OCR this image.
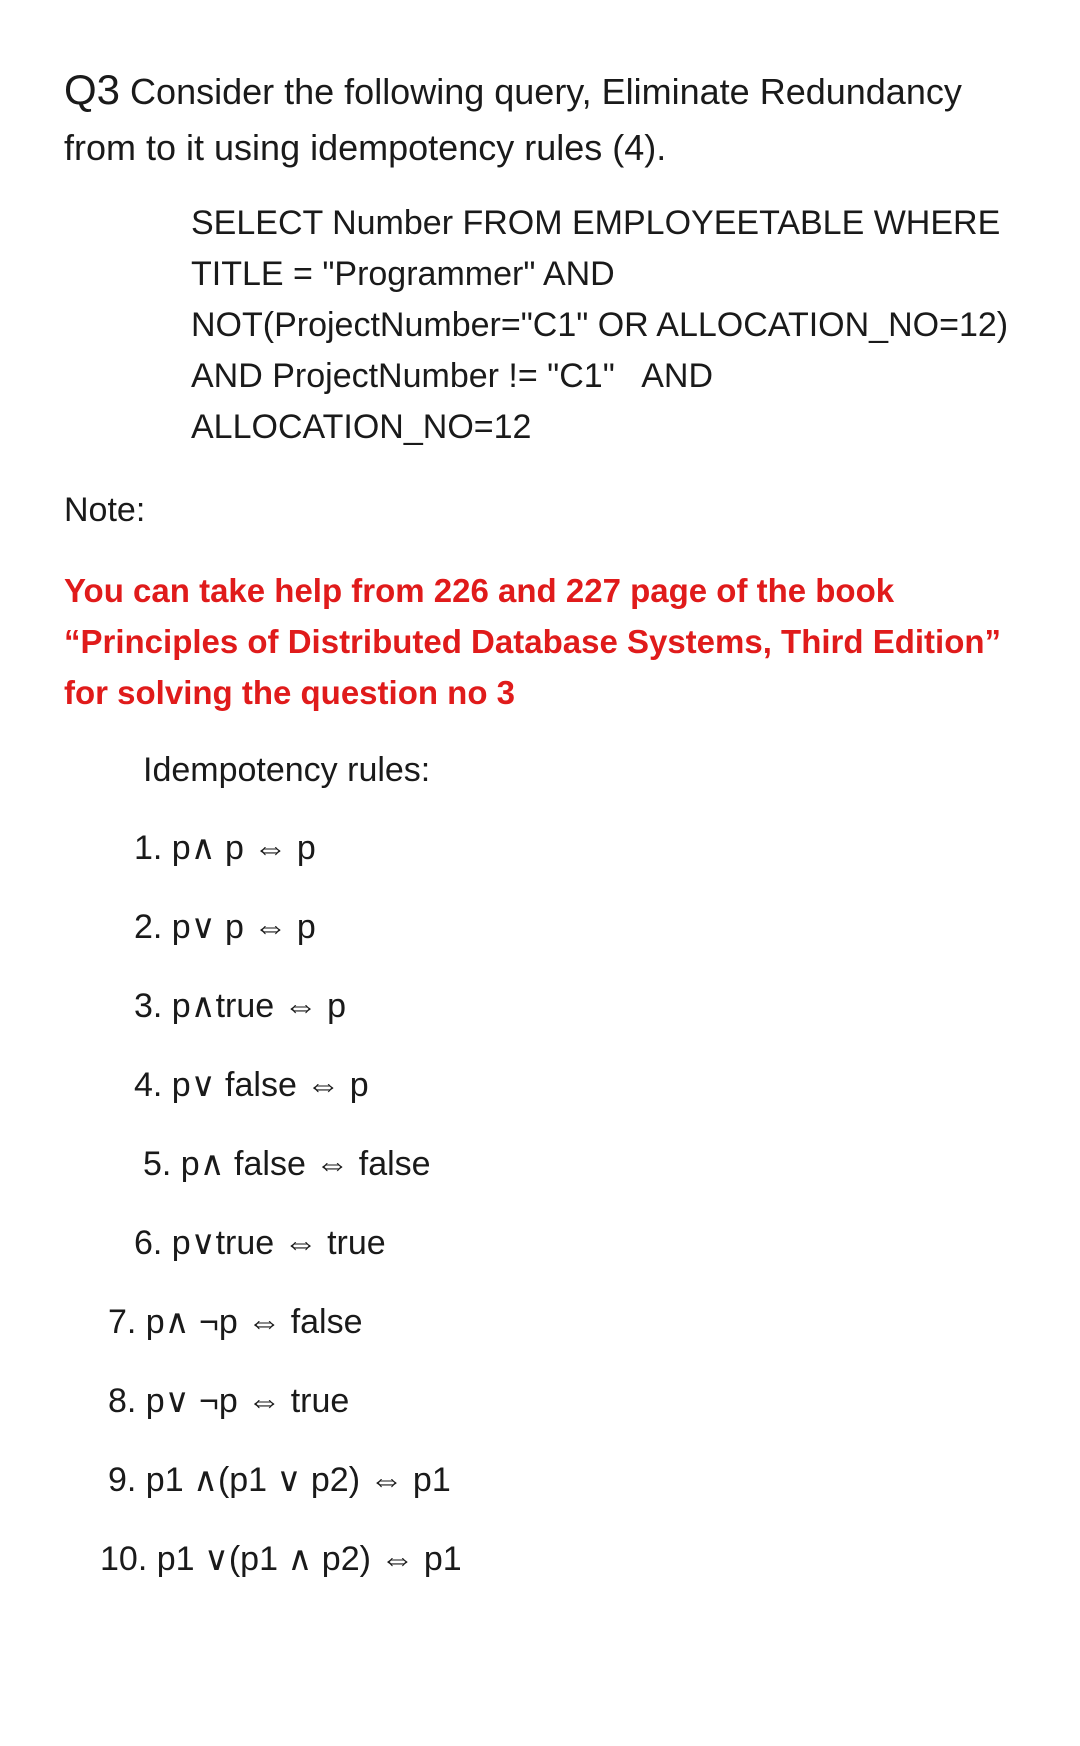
Q3 Consider the following query, Eliminate Redundancy
from to it using idempotency rules (4).
SELECT Number FROM EMPLOYEETABLE WHERE
TITLE = "Programmer" AND
NOT(ProjectNumber="C1" OR ALLOCATION_NO=12)
AND ProjectNumber != "C1"   AND
ALLOCATION_NO=12
Note:
You can take help from 226 and 227 page of the book
“Principles of Distributed Database Systems, Third Edition”
for solving the question no 3
Idempotency rules:
1. p∧ p ⇔ p
2. p∨ p ⇔ p
3. p∧true ⇔ p
4. p∨ false ⇔ p
5. p∧ false ⇔ false
6. p∨true ⇔ true
7. p∧ ¬p ⇔ false
8. p∨ ¬p ⇔ true
9. p1 ∧(p1 ∨ p2) ⇔ p1
10. p1 ∨(p1 ∧ p2) ⇔ p1
